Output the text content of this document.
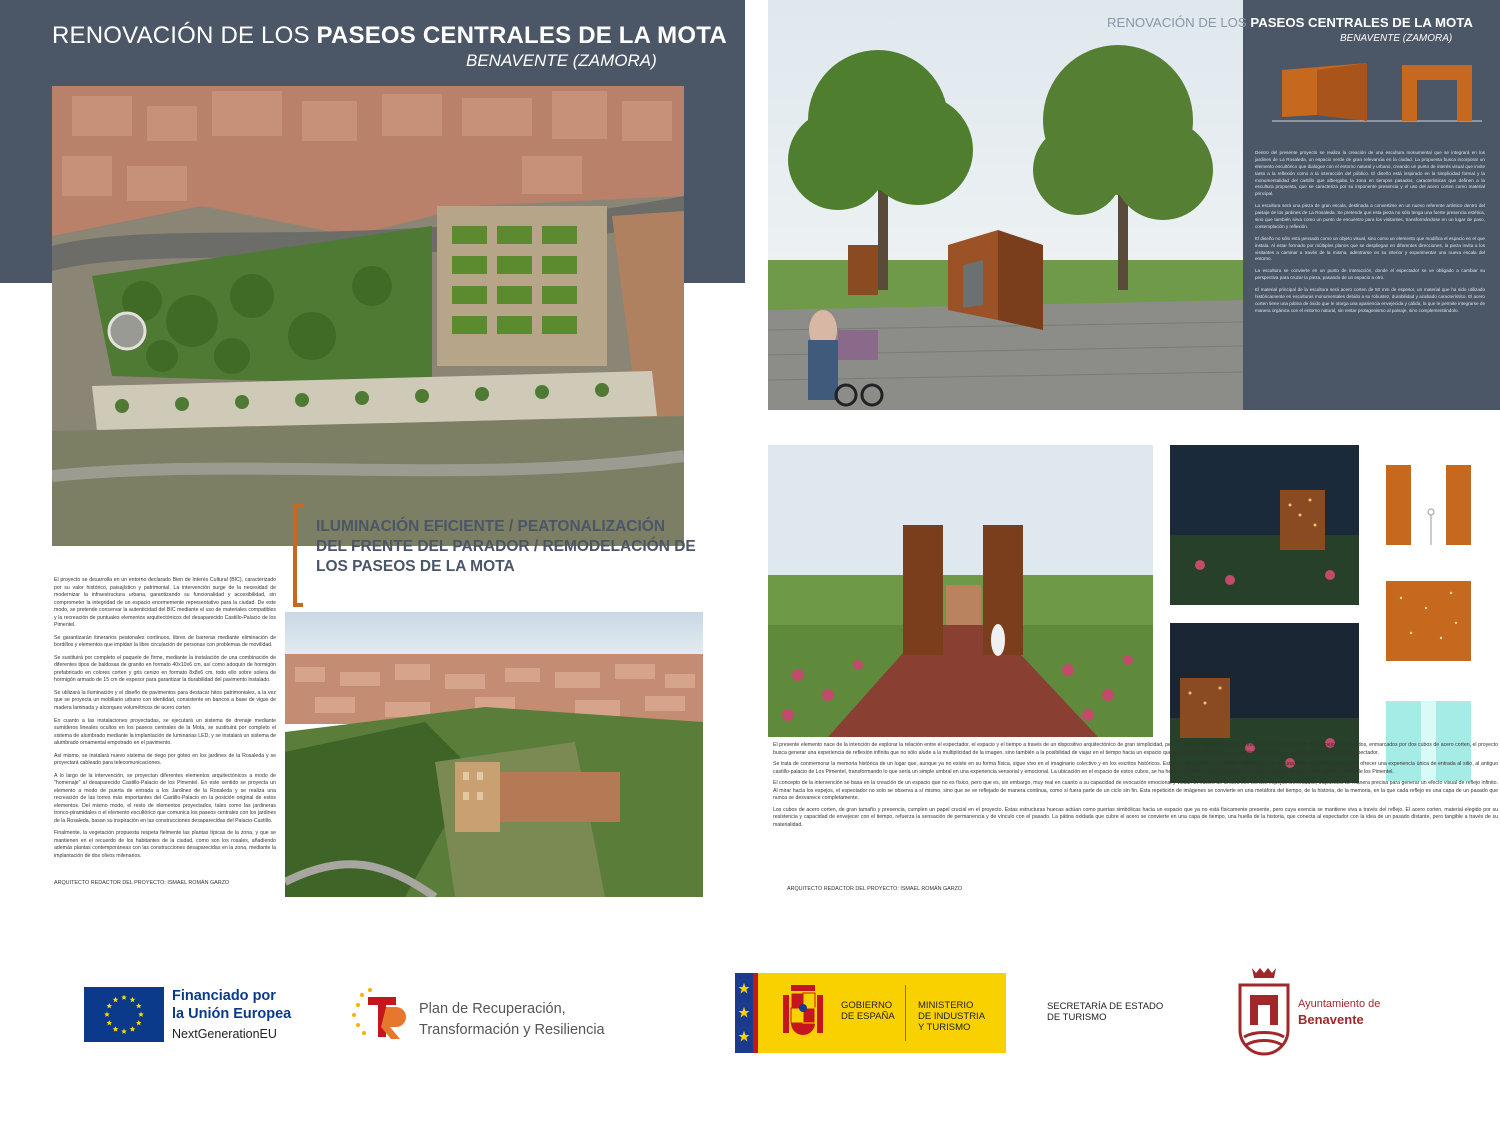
RENOVACIÓN DE LOS PASEOS CENTRALES DE LA MOTA
BENAVENTE (ZAMORA)
ILUMINACIÓN EFICIENTE / PEATONALIZACIÓN DEL FRENTE DEL PARADOR / REMODELACIÓN DE LOS PASEOS DE LA MOTA

El proyecto se desarrolla en un entorno declarado Bien de Interés Cultural (BIC), caracterizado por su valor histórico, paisajístico y patrimonial. La intervención surge de la necesidad de modernizar la infraestructura urbana, garantizando su funcionalidad y accesibilidad, sin comprometer la integridad de un espacio enormemente representativo para la ciudad. De este modo, se pretende conservar la autenticidad del BIC mediante el uso de materiales compatibles y la recreación de puntuales elementos arquitectónicos del desaparecido Castillo-Palacio de los Pimentel.

Se garantizarán itinerarios peatonales continuos, libres de barreras mediante eliminación de bordillos y elementos que impidan la libre circulación de personas con problemas de movilidad.

Se sustituirá por completo el paquete de firme, mediante la instalación de una combinación de diferentes tipos de baldosas de granito en formato 40x10x6 cm, así como adoquín de hormigón prefabricado en colores corten y gris cenizo en formato 8x8x6 cm, todo ello sobre solera de hormigón armado de 15 cm de espesor para garantizar la durabilidad del pavimento instalado.

Se utilizará la iluminación y el diseño de pavimentos para destacar hitos patrimoniales, a la vez que se proyecta un mobiliario urbano con identidad, consistente en bancos a base de vigas de madera laminada y alcorques volumétricos de acero corten.

En cuanto a las instalaciones proyectadas, se ejecutará un sistema de drenaje mediante sumideros lineales ocultos en los paseos centrales de la Mota, se sustituirá por completo el sistema de alumbrado mediante la implantación de luminarias LED, y se instalará un sistema de alumbrado ornamental empotrado en el pavimento.

Así mismo, se instalará nuevo sistema de riego por goteo en los jardines de la Rosaleda y se proyectará cableado para telecomunicaciones.

A lo largo de la intervención, se proyectan diferentes elementos arquitectónicos a modo de "homenaje" al desaparecido Castillo-Palacio de los Pimentel. En este sentido se proyecta un elemento a modo de puerta de entrada a los Jardines de la Rosaleda y se realiza una recreación de las torres más importantes del Castillo-Palacio en la posición original de estos elementos. Del mismo modo, el resto de elementos proyectados, tales como las jardineras tronco-piramidales o el elemento escultórico que comunica los paseos centrales con los jardines de la Rosaleda, basan su inspiración en las construcciones desaparecidas del Palacio-Castillo.

Finalmente, la vegetación propuesta respeta fielmente las plantas típicas de la zona, y que se mantienen en el recuerdo de los habitantes de la ciudad, como son los rosales, añadiendo además plantas contemporáneas con las construcciones desaparecidas en la zona, mediante la implantación de dos olivos milenarios.

ARQUITECTO REDACTOR DEL PROYECTO: ISMAEL ROMÁN GARZO
RENOVACIÓN DE LOS PASEOS CENTRALES DE LA MOTA
BENAVENTE (ZAMORA)

Dentro del presente proyecto se realiza la creación de una escultura monumental que se integrará en los jardines de La Rosaleda, un espacio verde de gran relevancia en la ciudad. La propuesta busca incorporar un elemento escultórico que dialogue con el entorno natural y urbano, creando un punto de interés visual que invite tanto a la reflexión como a la interacción del público. El diseño está inspirado en la simplicidad formal y la monumentalidad del castillo que albergaba la zona en tiempos pasados, características que definen a la escultura propuesta, que se caracteriza por su imponente presencia y el uso del acero corten como material principal.

La escultura será una pieza de gran escala, destinada a convertirse en un nuevo referente artístico dentro del paisaje de los jardines de La Rosaleda. Se pretende que esta pieza no sólo tenga una fuerte presencia estética, sino que también sirva como un punto de encuentro para los visitantes, transformándose en un lugar de paso, contemplación y reflexión.

El diseño no sólo está pensado como un objeto visual, sino como un elemento que modifica el espacio en el que instala. Al estar formado por múltiples planos que se despliegan en diferentes direcciones, la pieza invita a los visitantes a caminar a través de la misma, adentrarse en su interior y experimentar una nueva escala del entorno.

La escultura se convierte en un punto de interacción, donde el espectador se ve obligado a cambiar su perspectiva para cruzar la pieza, pasando de un espacio a otro.

El material principal de la escultura será acero corten de 50 mm de espesor, un material que ha sido utilizado históricamente en esculturas monumentales debido a su robustez, durabilidad y acabado característico. El acero corten tiene una pátina de óxido que le otorga una apariencia envejecida y cálida, lo que le permite integrarse de manera orgánica con el entorno natural, sin restar protagonismo al paisaje, sino complementándolo.

El presente elemento nace de la intención de explorar la relación entre el espectador, el espacio y el tiempo a través de un dispositivo arquitectónico de gran simplicidad, pero de potente carga simbólica. A través de la disposición de dos espejos enfrentados, enmarcados por dos cubos de acero corten, el proyecto busca generar una experiencia de reflexión infinita que no sólo alude a la multiplicidad de la imagen, sino también a la posibilidad de viajar en el tiempo hacia un espacio que ha desaparecido, pero que, mediante el reflejo, se resucita ante la mirada del espectador.

Se trata de conmemorar la memoria histórica de un lugar que, aunque ya no existe en su forma física, sigue vivo en el imaginario colectivo y en los escritos históricos. Esta escultura, utiliza la reflexión infinita a través de una serie de cubos espejo para ofrecer una experiencia única de entrada al sitio, al antiguo castillo-palacio de Los Pimentel, transformando lo que sería un simple umbral en una experiencia sensorial y emocional. La ubicación en el espacio de estos cubos, se ha hecho coincidir con la antigua puerta de acceso al ya desaparecido palacio-castillo de los Pimentel.

El concepto de la intervención se basa en la creación de un espacio que no es físico, pero que es, sin embargo, muy real en cuanto a su capacidad de evocación emocional y visual. El núcleo de la obra son los dos espejos enfrentados, dispuestos de manera precisa para generar un efecto visual de reflejo infinito. Al mirar hacia los espejos, el espectador no solo se observa a sí mismo, sino que se ve reflejado de manera continua, como si fuera parte de un ciclo sin fin. Esta repetición de imágenes se convierte en una metáfora del tiempo, de la historia, de la memoria, en la que cada reflejo es una capa de un pasado que nunca se desvanece completamente.

Los cubos de acero corten, de gran tamaño y presencia, cumplen un papel crucial en el proyecto. Estas estructuras huecas actúan como puertas simbólicas hacia un espacio que ya no está físicamente presente, pero cuya esencia se mantiene viva a través del reflejo. El acero corten, material elegido por su resistencia y capacidad de envejecer con el tiempo, refuerza la sensación de permanencia y de vínculo con el pasado. La pátina oxidada que cubre el acero se convierte en una capa de tiempo, una huella de la historia, que conecta al espectador con la idea de un pasado distante, pero tangible a través de su materialidad.

ARQUITECTO REDACTOR DEL PROYECTO: ISMAEL ROMÁN GARZO
Financiado por
la Unión Europea
NextGenerationEU
Plan de Recuperación,
Transformación y Resiliencia
GOBIERNO
DE ESPAÑA
MINISTERIO
DE INDUSTRIA
Y TURISMO
SECRETARÍA DE ESTADO
DE TURISMO
Ayuntamiento de
Benavente
